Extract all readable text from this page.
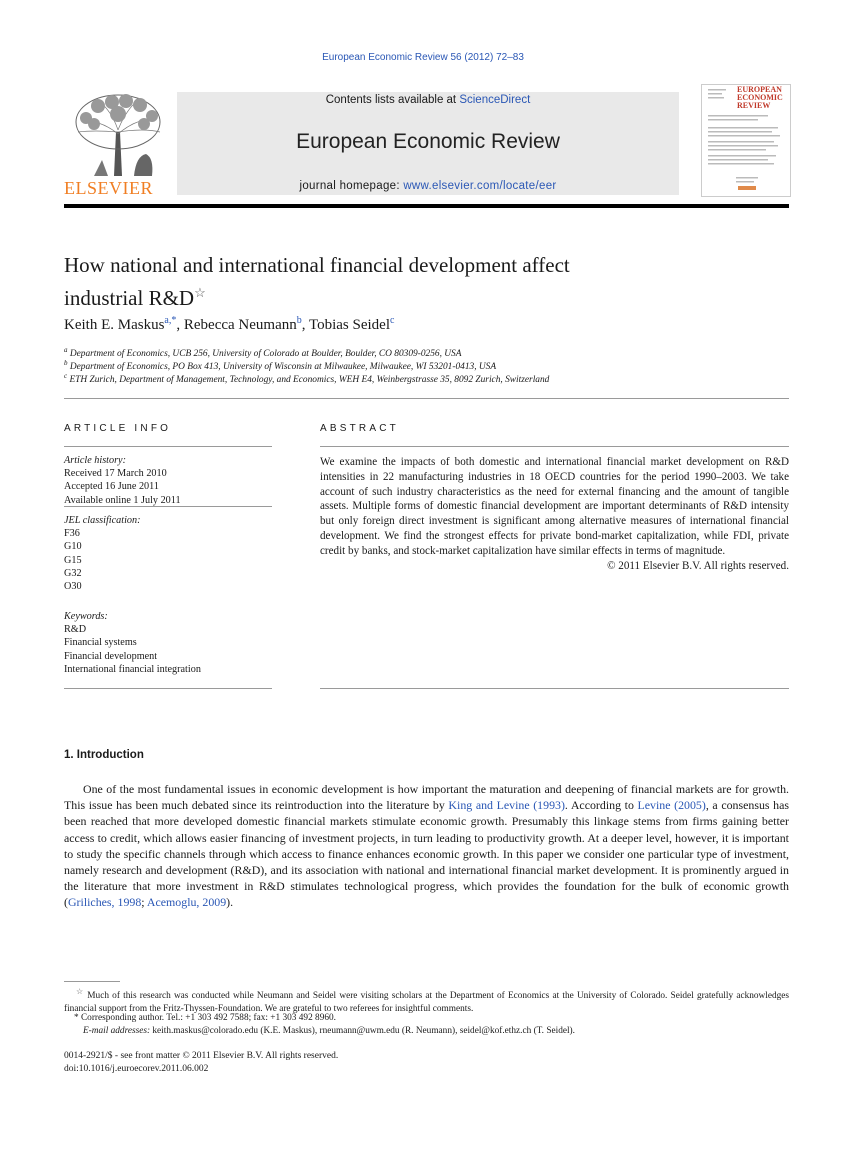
European Economic Review 56 (2012) 72–83
ELSEVIER
Contents lists available at ScienceDirect
European Economic Review
journal homepage: www.elsevier.com/locate/eer
EUROPEAN
ECONOMIC
REVIEW
How national and international financial development affect
industrial R&D☆
Keith E. Maskus$^{a,*}$, Rebecca Neumann$^b$, Tobias Seidel$^c$
$^a$ Department of Economics, UCB 256, University of Colorado at Boulder, Boulder, CO 80309-0256, USA
$^b$ Department of Economics, PO Box 413, University of Wisconsin at Milwaukee, Milwaukee, WI 53201-0413, USA
$^c$ ETH Zurich, Department of Management, Technology, and Economics, WEH E4, Weinbergstrasse 35, 8092 Zurich, Switzerland
ARTICLE INFO
Article history:
Received 17 March 2010
Accepted 16 June 2011
Available online 1 July 2011
JEL classification:
F36
G10
G15
G32
O30
Keywords:
R&D
Financial systems
Financial development
International financial integration
ABSTRACT
We examine the impacts of both domestic and international financial market development on R&D intensities in 22 manufacturing industries in 18 OECD countries for the period 1990–2003. We take account of such industry characteristics as the need for external financing and the amount of tangible assets. Multiple forms of domestic financial development are important determinants of R&D intensity but only foreign direct investment is significant among alternative measures of international financial development. We find the strongest effects for private bond-market capitalization, while FDI, private credit by banks, and stock-market capitalization have similar effects in terms of magnitude.
© 2011 Elsevier B.V. All rights reserved.
1. Introduction
One of the most fundamental issues in economic development is how important the maturation and deepening of financial markets are for growth. This issue has been much debated since its reintroduction into the literature by King and Levine (1993). According to Levine (2005), a consensus has been reached that more developed domestic financial markets stimulate economic growth. Presumably this linkage stems from firms gaining better access to credit, which allows easier financing of investment projects, in turn leading to productivity growth. At a deeper level, however, it is important to study the specific channels through which access to finance enhances economic growth. In this paper we consider one particular type of investment, namely research and development (R&D), and its association with national and international financial market development. It is prominently argued in the literature that more investment in R&D stimulates technological progress, which provides the foundation for the bulk of economic growth (Griliches, 1998; Acemoglu, 2009).
☆ Much of this research was conducted while Neumann and Seidel were visiting scholars at the Department of Economics at the University of Colorado. Seidel gratefully acknowledges financial support from the Fritz-Thyssen-Foundation. We are grateful to two referees for insightful comments.
* Corresponding author. Tel.: +1 303 492 7588; fax: +1 303 492 8960.
E-mail addresses: keith.maskus@colorado.edu (K.E. Maskus), rneumann@uwm.edu (R. Neumann), seidel@kof.ethz.ch (T. Seidel).
0014-2921/$ - see front matter © 2011 Elsevier B.V. All rights reserved.
doi:10.1016/j.euroecorev.2011.06.002
